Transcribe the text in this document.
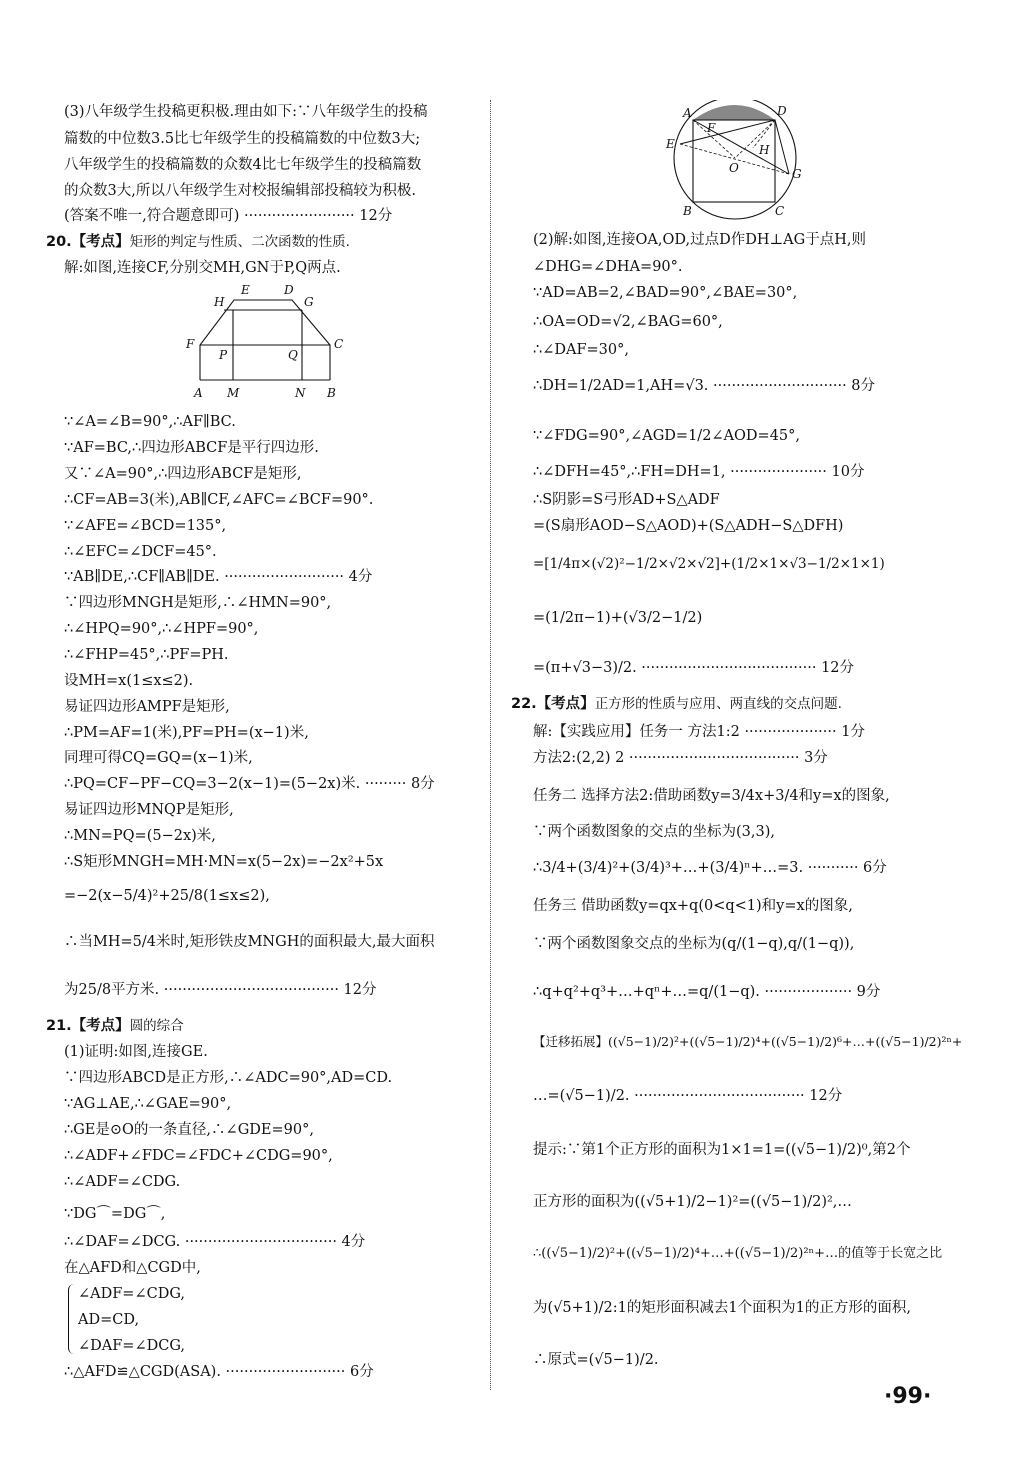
(3)八年级学生投稿更积极.理由如下:∵八年级学生的投稿
篇数的中位数3.5比七年级学生的投稿篇数的中位数3大;
八年级学生的投稿篇数的众数4比七年级学生的投稿篇数
的众数3大,所以八年级学生对校报编辑部投稿较为积极.
(答案不唯一,符合题意即可) ························ 12分
20.【考点】矩形的判定与性质、二次函数的性质.
解:如图,连接CF,分别交MH,GN于P,Q两点.
H
E	D
G
F
P	Q
C
A M	N B
∵∠A=∠B=90°,∴AF∥BC.
∵AF=BC,∴四边形ABCF是平行四边形.
又∵∠A=90°,∴四边形ABCF是矩形,
∴CF=AB=3(米),AB∥CF,∠AFC=∠BCF=90°.
∵∠AFE=∠BCD=135°,
∴∠EFC=∠DCF=45°.
∵AB∥DE,∴CF∥AB∥DE. ·························· 4分
∵四边形MNGH是矩形,∴∠HMN=90°,
∴∠HPQ=90°,∴∠HPF=90°,
∴∠FHP=45°,∴PF=PH.
设MH=x(1≤x≤2).
易证四边形AMPF是矩形,
∴PM=AF=1(米),PF=PH=(x−1)米,
同理可得CQ=GQ=(x−1)米,
∴PQ=CF−PF−CQ=3−2(x−1)=(5−2x)米. ········· 8分
易证四边形MNQP是矩形,
∴MN=PQ=(5−2x)米,
∴S矩形MNGH=MH·MN=x(5−2x)=−2x²+5x
=−2(x−5/4)²+25/8(1≤x≤2),
∴当MH=5/4米时,矩形铁皮MNGH的面积最大,最大面积
为25/8平方米. ······································ 12分
21.【考点】圆的综合
(1)证明:如图,连接GE.
∵四边形ABCD是正方形,∴∠ADC=90°,AD=CD.
∵AG⊥AE,∴∠GAE=90°,
∴GE是⊙O的一条直径,∴∠GDE=90°,
∴∠ADF+∠FDC=∠FDC+∠CDG=90°,
∴∠ADF=∠CDG.
∵DG⌒=DG⌒,
∴∠DAF=∠DCG. ································· 4分
在△AFD和△CGD中,
∠ADF=∠CDG,
AD=CD,
∠DAF=∠DCG,
∴△AFD≌△CGD(ASA). ·························· 6分
A	D
F
E	H
O	G
B	C
(2)解:如图,连接OA,OD,过点D作DH⊥AG于点H,则
∠DHG=∠DHA=90°.
∵AD=AB=2,∠BAD=90°,∠BAE=30°,
∴OA=OD=√2,∠BAG=60°,
∴∠DAF=30°,
∴DH=1/2AD=1,AH=√3. ····························· 8分
∵∠FDG=90°,∠AGD=1/2∠AOD=45°,
∴∠DFH=45°,∴FH=DH=1, ····················· 10分
∴S阴影=S弓形AD+S△ADF
=(S扇形AOD−S△AOD)+(S△ADH−S△DFH)
=[1/4π×(√2)²−1/2×√2×√2]+(1/2×1×√3−1/2×1×1)
=(1/2π−1)+(√3/2−1/2)
=(π+√3−3)/2. ······································ 12分
22.【考点】正方形的性质与应用、两直线的交点问题.
解:【实践应用】任务一 方法1:2 ···················· 1分
方法2:(2,2) 2 ····································· 3分
任务二 选择方法2:借助函数y=3/4x+3/4和y=x的图象,
∵两个函数图象的交点的坐标为(3,3),
∴3/4+(3/4)²+(3/4)³+…+(3/4)ⁿ+…=3. ··········· 6分
任务三 借助函数y=qx+q(0<q<1)和y=x的图象,
∵两个函数图象交点的坐标为(q/(1−q),q/(1−q)),
∴q+q²+q³+…+qⁿ+…=q/(1−q). ··················· 9分
【迁移拓展】((√5−1)/2)²+((√5−1)/2)⁴+((√5−1)/2)⁶+…+((√5−1)/2)²ⁿ+
…=(√5−1)/2. ····································· 12分
提示:∵第1个正方形的面积为1×1=1=((√5−1)/2)⁰,第2个
正方形的面积为((√5+1)/2−1)²=((√5−1)/2)²,…
∴((√5−1)/2)²+((√5−1)/2)⁴+…+((√5−1)/2)²ⁿ+…的值等于长宽之比
为(√5+1)/2:1的矩形面积减去1个面积为1的正方形的面积,
∴原式=(√5−1)/2.
·99·
